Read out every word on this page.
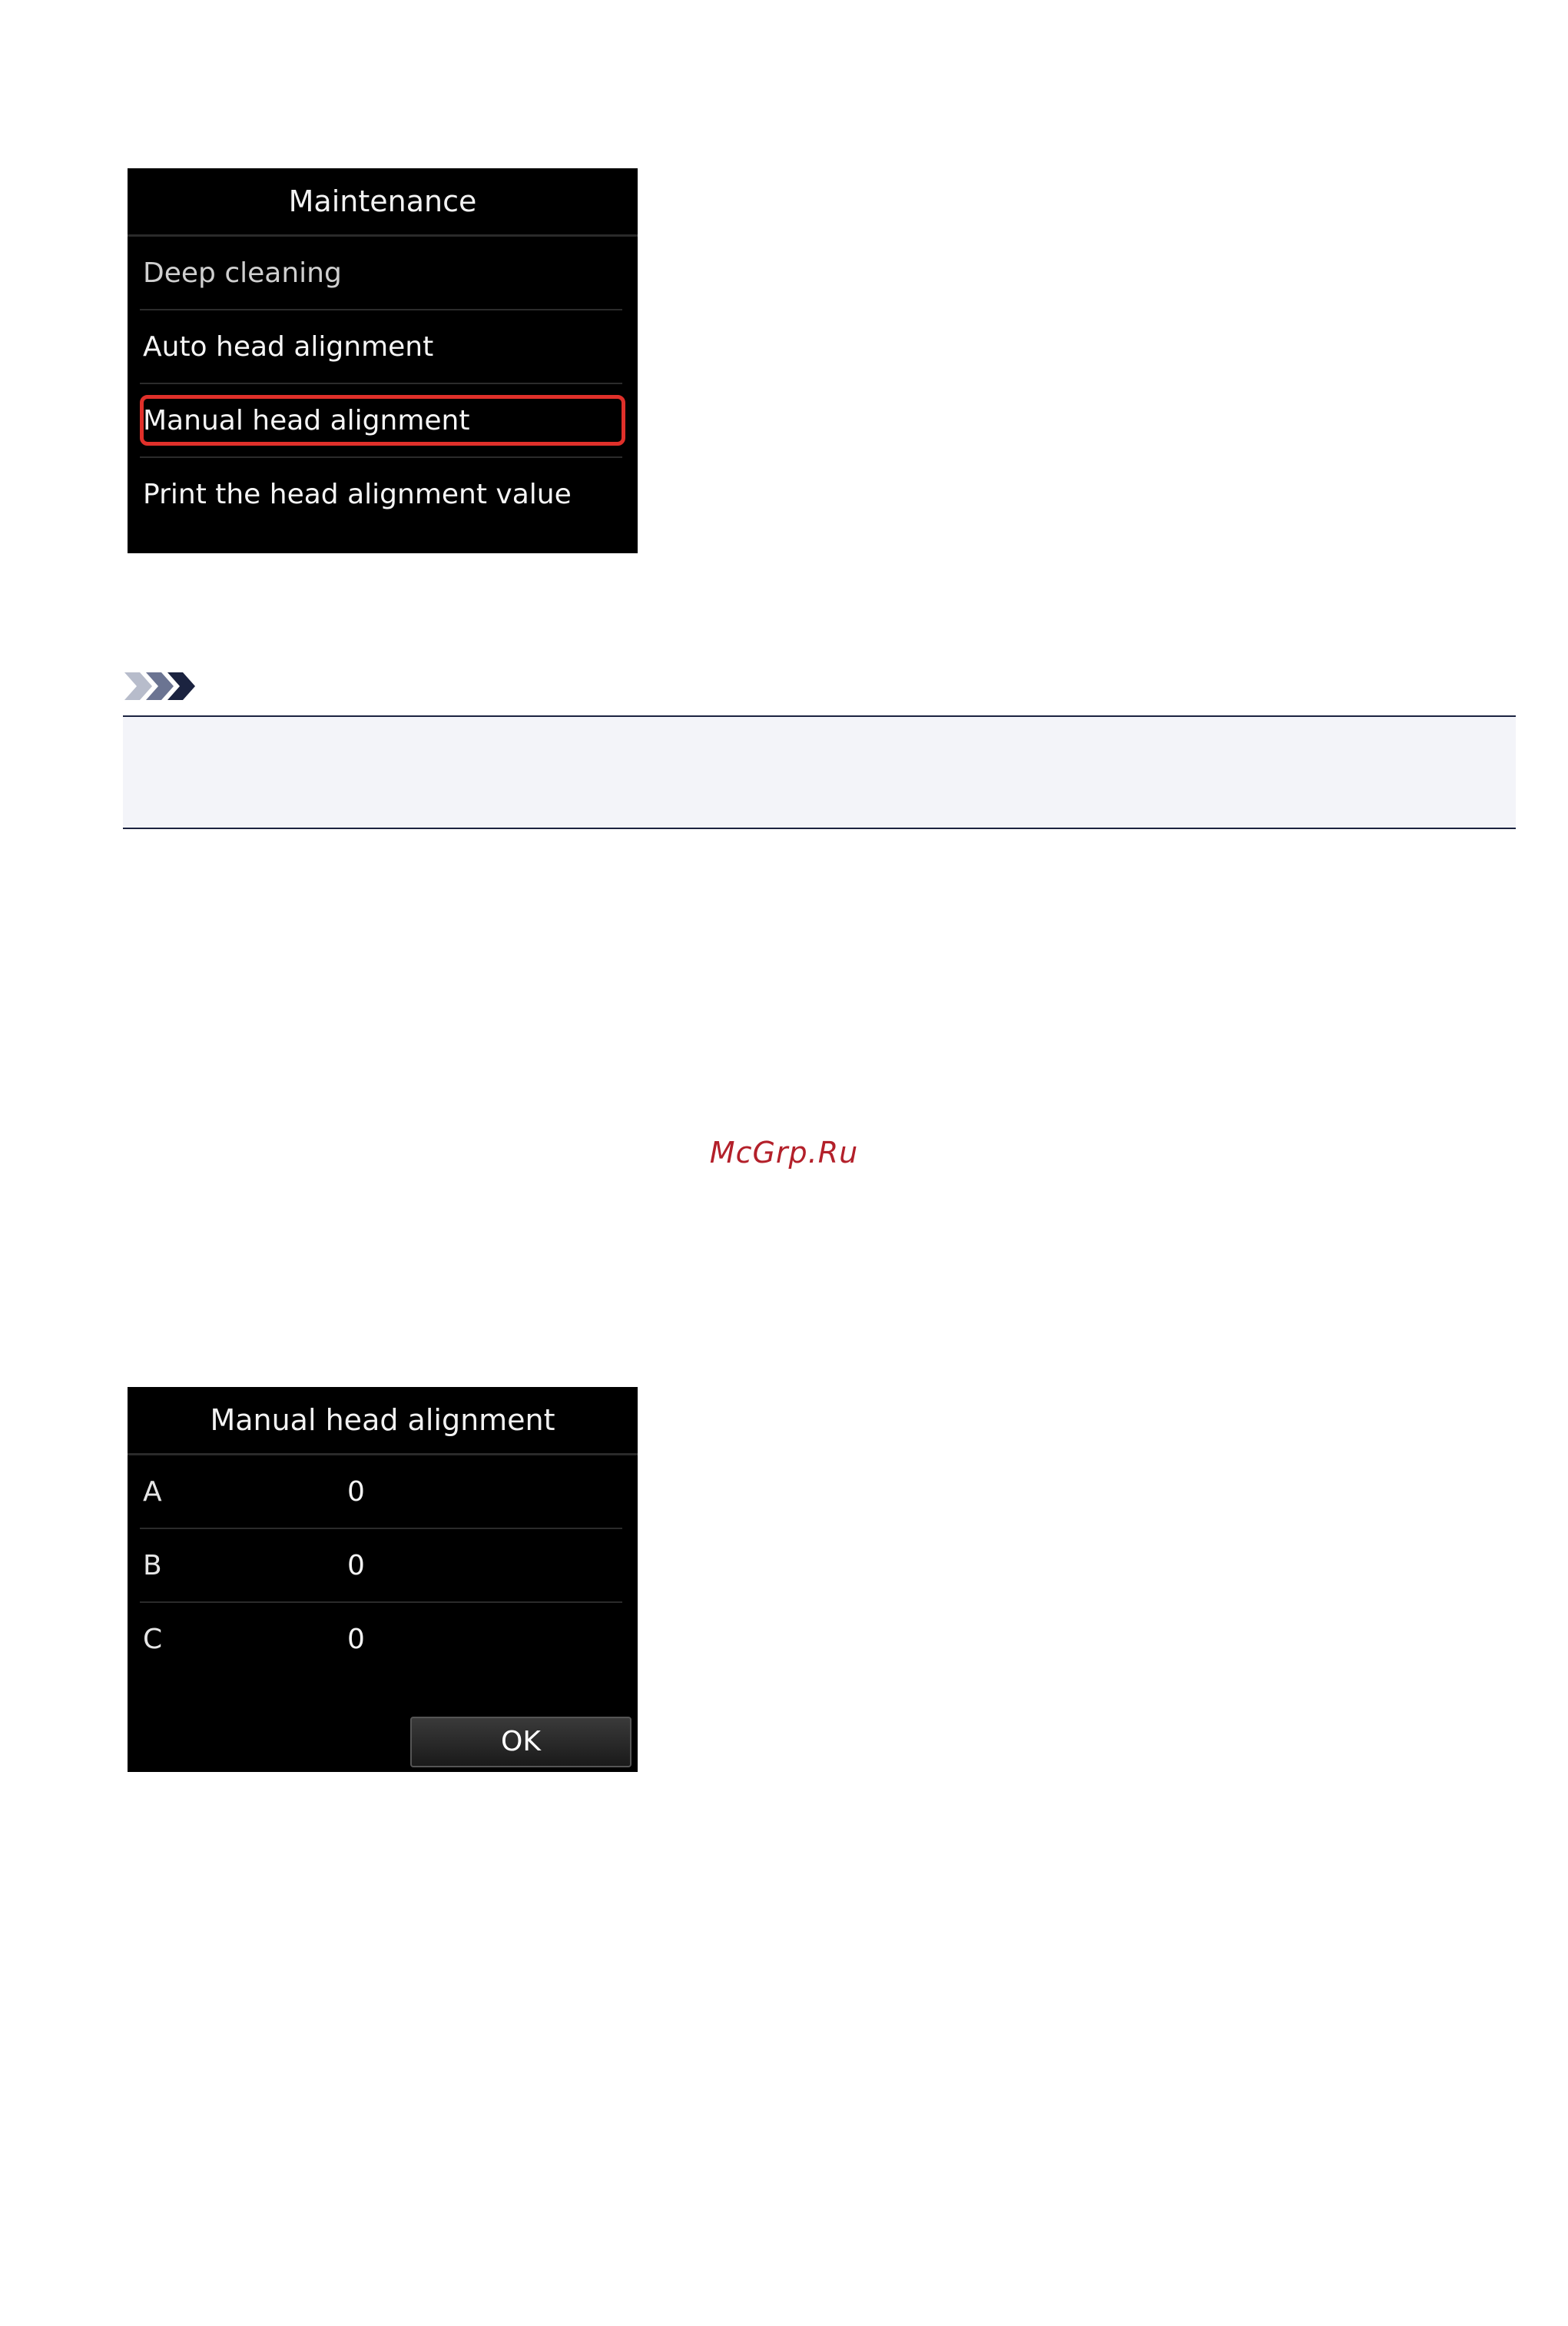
Maintenance
Deep cleaning
Auto head alignment
Manual head alignment
Print the head alignment value
McGrp.Ru
Manual head alignment
A	0
B	0
C	0
OK
